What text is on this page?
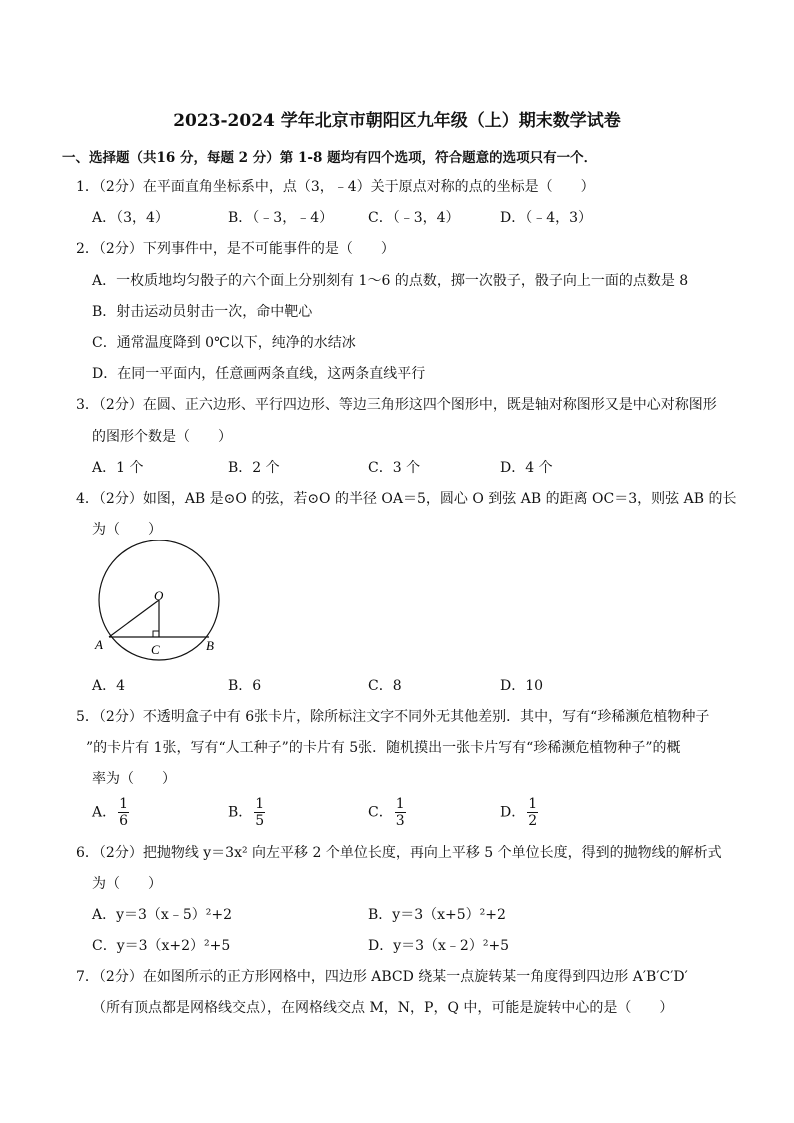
2023-2024 学年北京市朝阳区九年级（上）期末数学试卷
一、选择题（共16 分，每题 2 分）第 1-8 题均有四个选项，符合题意的选项只有一个．
1．（2分）在平面直角坐标系中，点（3，﹣4）关于原点对称的点的坐标是（　　）
A．（3，4）	B．（﹣3，﹣4） C．（﹣3，4）	D．（﹣4，3）
2．（2分）下列事件中，是不可能事件的是（　　）
A．一枚质地均匀骰子的六个面上分别刻有 1～6 的点数，掷一次骰子，骰子向上一面的点数是 8
B．射击运动员射击一次，命中靶心
C．通常温度降到 0℃以下，纯净的水结冰
D．在同一平面内，任意画两条直线，这两条直线平行
3．（2分）在圆、正六边形、平行四边形、等边三角形这四个图形中，既是轴对称图形又是中心对称图形
的图形个数是（　　）
A．1 个	B．2 个	C．3 个	D．4 个
4．（2分）如图，AB 是⊙O 的弦，若⊙O 的半径 OA＝5，圆心 O 到弦 AB 的距离 OC＝3，则弦 AB 的长
为（　　）
O
A	B
C
A．4	B．6	C．8	D．10
5．（2分）不透明盒子中有 6张卡片，除所标注文字不同外无其他差别．其中，写有“珍稀濒危植物种子
”的卡片有 1张，写有“人工种子”的卡片有 5张．随机摸出一张卡片写有“珍稀濒危植物种子”的概
率为（　　）
A． $\frac{1}{6}$	B． $\frac{1}{5}$	C． $\frac{1}{3}$	D． $\frac{1}{2}$
6．（2分）把抛物线 y＝3x² 向左平移 2 个单位长度，再向上平移 5 个单位长度，得到的抛物线的解析式
为（　　）
A．y＝3（x﹣5）²+2	B．y＝3（x+5）²+2
C．y＝3（x+2）²+5	D．y＝3（x﹣2）²+5
7．（2分）在如图所示的正方形网格中，四边形 ABCD 绕某一点旋转某一角度得到四边形 A′B′C′D′
（所有顶点都是网格线交点），在网格线交点 M，N，P，Q 中，可能是旋转中心的是（　　）
